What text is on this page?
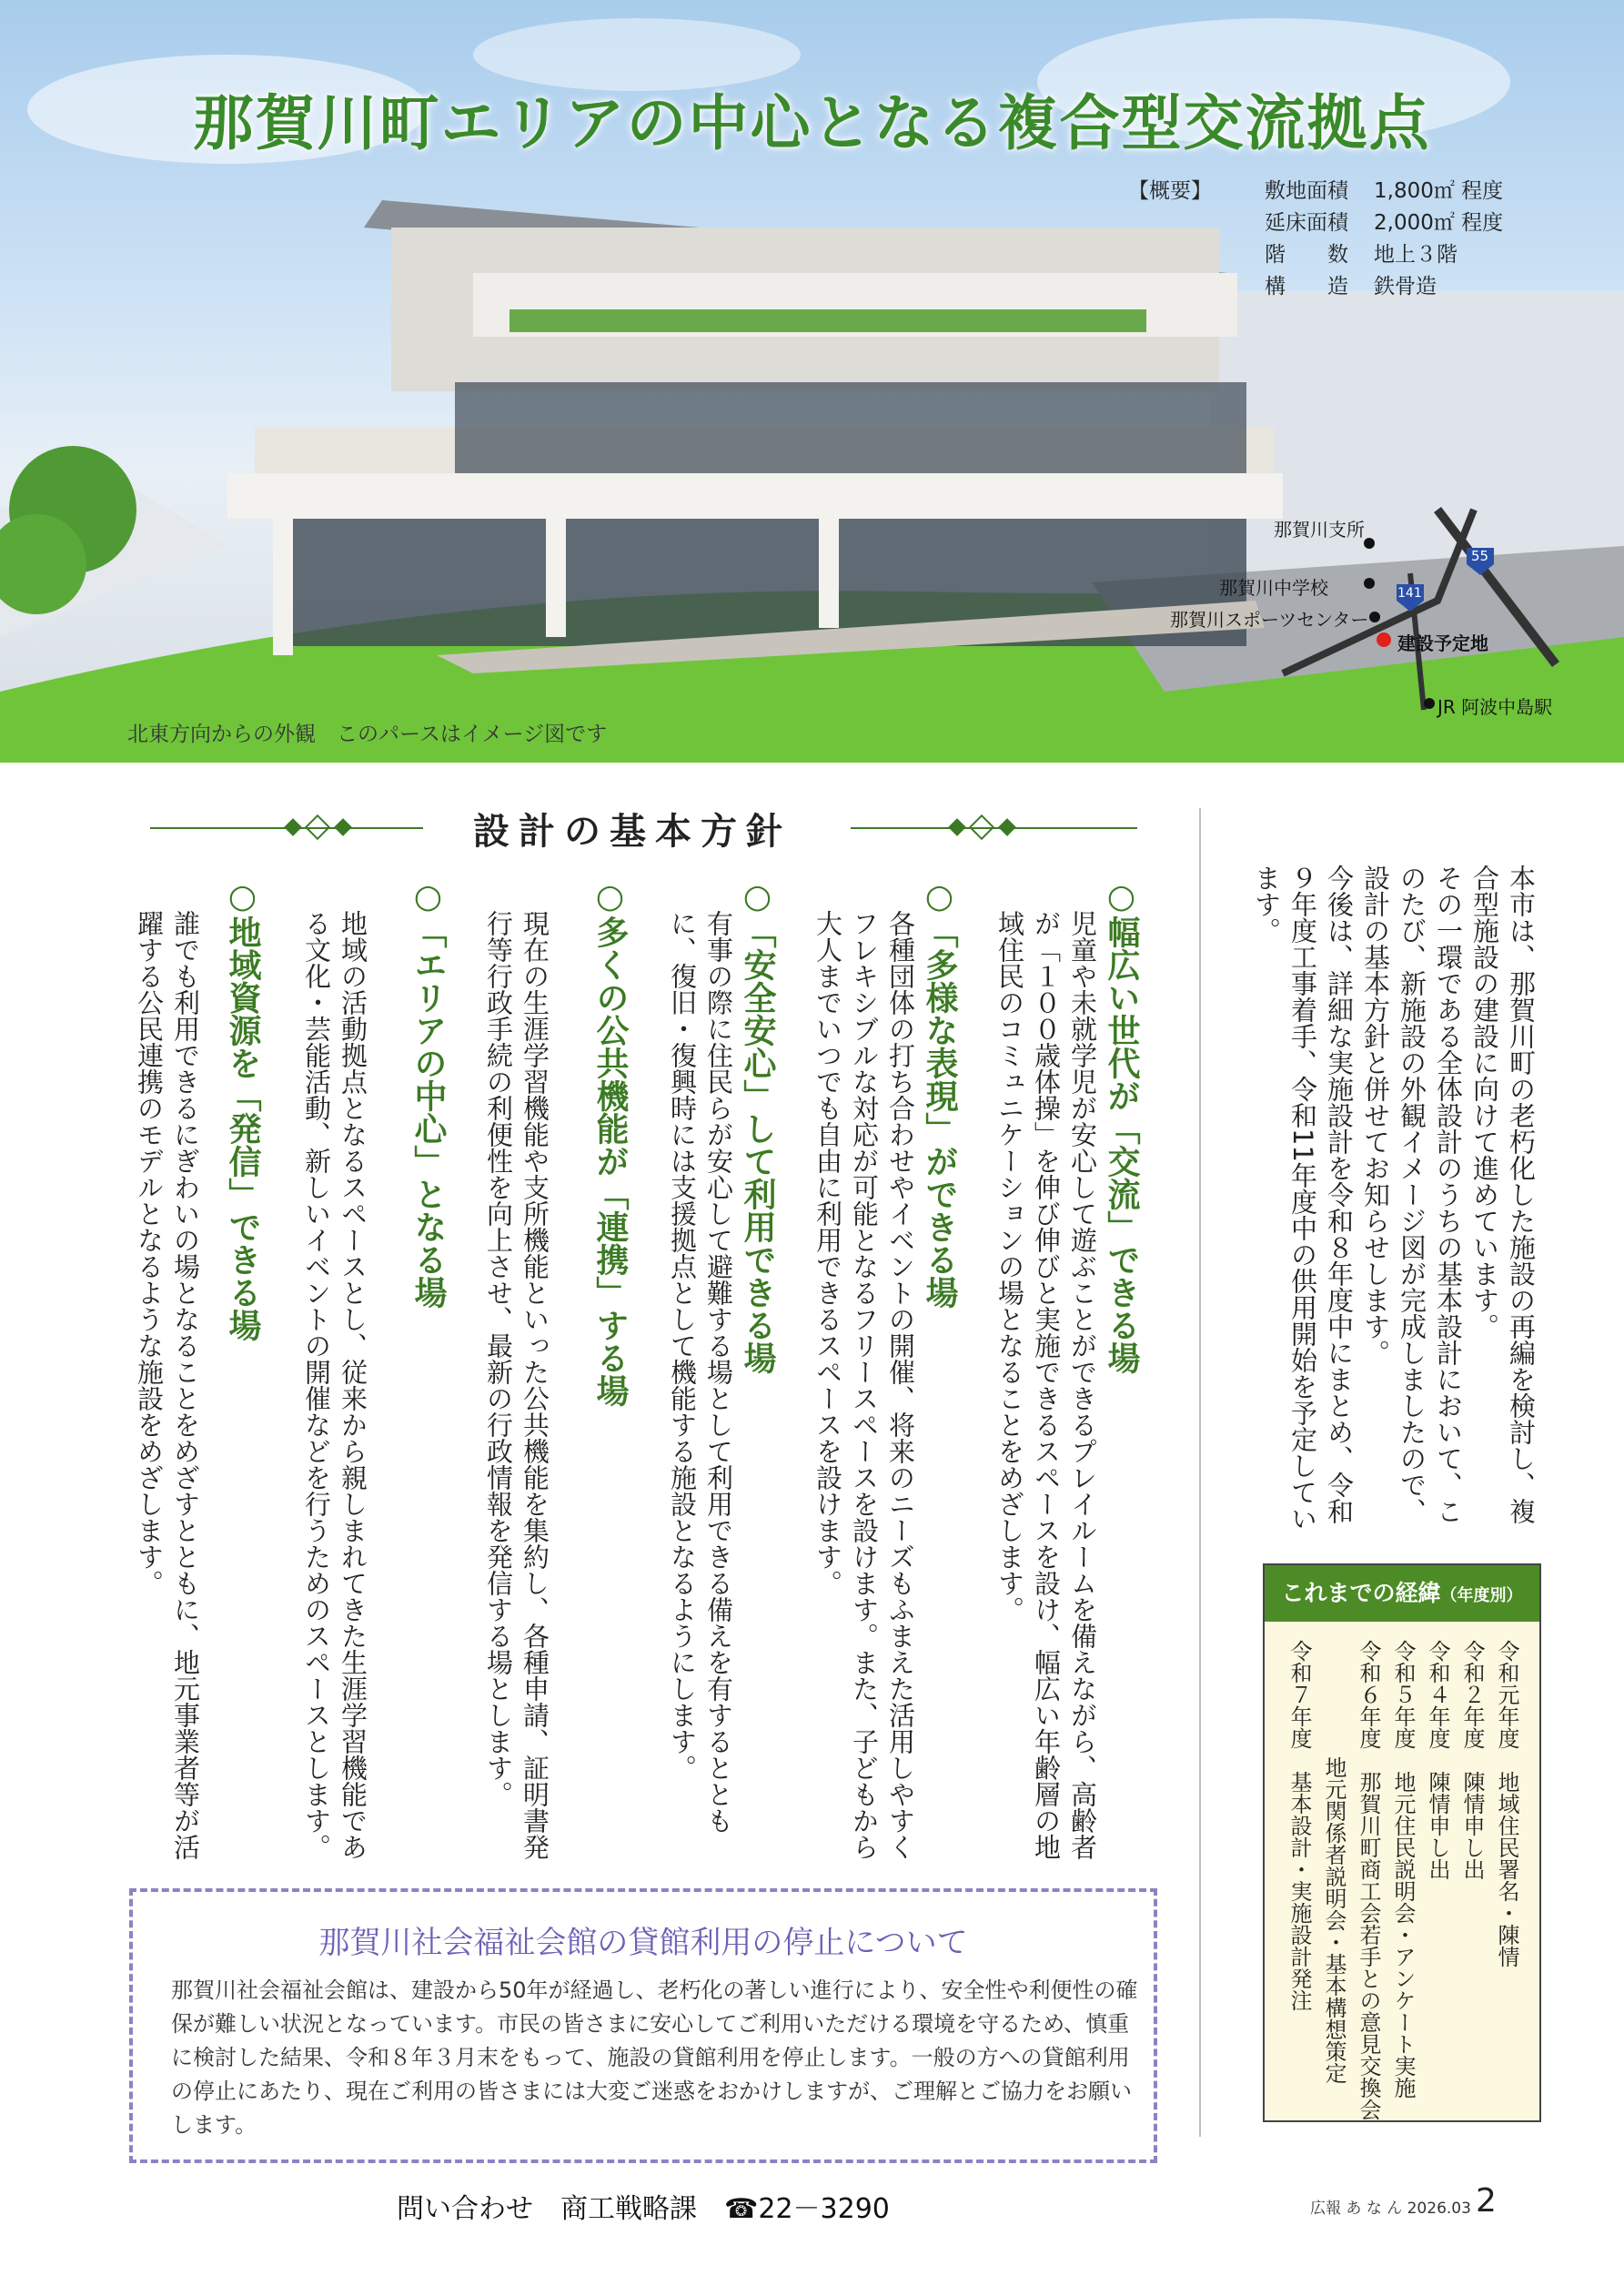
那賀川町エリアの中心となる複合型交流拠点
【概要】	敷地面積	1,800㎡ 程度
延床面積	2,000㎡ 程度
階　　数	地上３階
構　　造	鉄骨造
那賀川支所
那賀川中学校
那賀川スポーツセンター
建設予定地
JR 阿波中島駅
55
141
北東方向からの外観　このパースはイメージ図です
設計の基本方針
本市は、那賀川町の老朽化した施設の再編を検討し、複合型施設の建設に向けて進めています。
その一環である全体設計のうちの基本設計において、このたび、新施設の外観イメージ図が完成しましたので、設計の基本方針と併せてお知らせします。
今後は、詳細な実施設計を令和８年度中にまとめ、令和９年度工事着手、令和11年度中の供用開始を予定しています。
○幅広い世代が「交流」できる場
児童や未就学児が安心して遊ぶことができるプレイルームを備えながら、高齢者が「１００歳体操」を伸び伸びと実施できるスペースを設け、幅広い年齢層の地域住民のコミュニケーションの場となることをめざします。
○「多様な表現」ができる場
各種団体の打ち合わせやイベントの開催、将来のニーズもふまえた活用しやすくフレキシブルな対応が可能となるフリースペースを設けます。また、子どもから大人までいつでも自由に利用できるスペースを設けます。
○「安全安心」して利用できる場
有事の際に住民らが安心して避難する場として利用できる備えを有するとともに、復旧・復興時には支援拠点として機能する施設となるようにします。
○多くの公共機能が「連携」する場
現在の生涯学習機能や支所機能といった公共機能を集約し、各種申請、証明書発行等行政手続の利便性を向上させ、最新の行政情報を発信する場とします。
○「エリアの中心」となる場
地域の活動拠点となるスペースとし、従来から親しまれてきた生涯学習機能である文化・芸能活動、新しいイベントの開催などを行うためのスペースとします。
○地域資源を「発信」できる場
誰でも利用できるにぎわいの場となることをめざすとともに、地元事業者等が活躍する公民連携のモデルとなるような施設をめざします。	これまでの経緯（年度別）
令和元年度　地域住民署名・陳情
令和２年度　陳情申し出
令和４年度　陳情申し出
令和５年度　地元住民説明会・アンケート実施
令和６年度　那賀川町商工会若手との意見交換会
　地元関係者説明会・基本構想策定
令和７年度　基本設計・実施設計発注
那賀川社会福祉会館の貸館利用の停止について
那賀川社会福祉会館は、建設から50年が経過し、老朽化の著しい進行により、安全性や利便性の確保が難しい状況となっています。市民の皆さまに安心してご利用いただける環境を守るため、慎重に検討した結果、令和８年３月末をもって、施設の貸館利用を停止します。一般の方への貸館利用の停止にあたり、現在ご利用の皆さまには大変ご迷惑をおかけしますが、ご理解とご協力をお願いします。
問い合わせ　商工戦略課　☎22－3290	広報 あ な ん 2026.03 2
